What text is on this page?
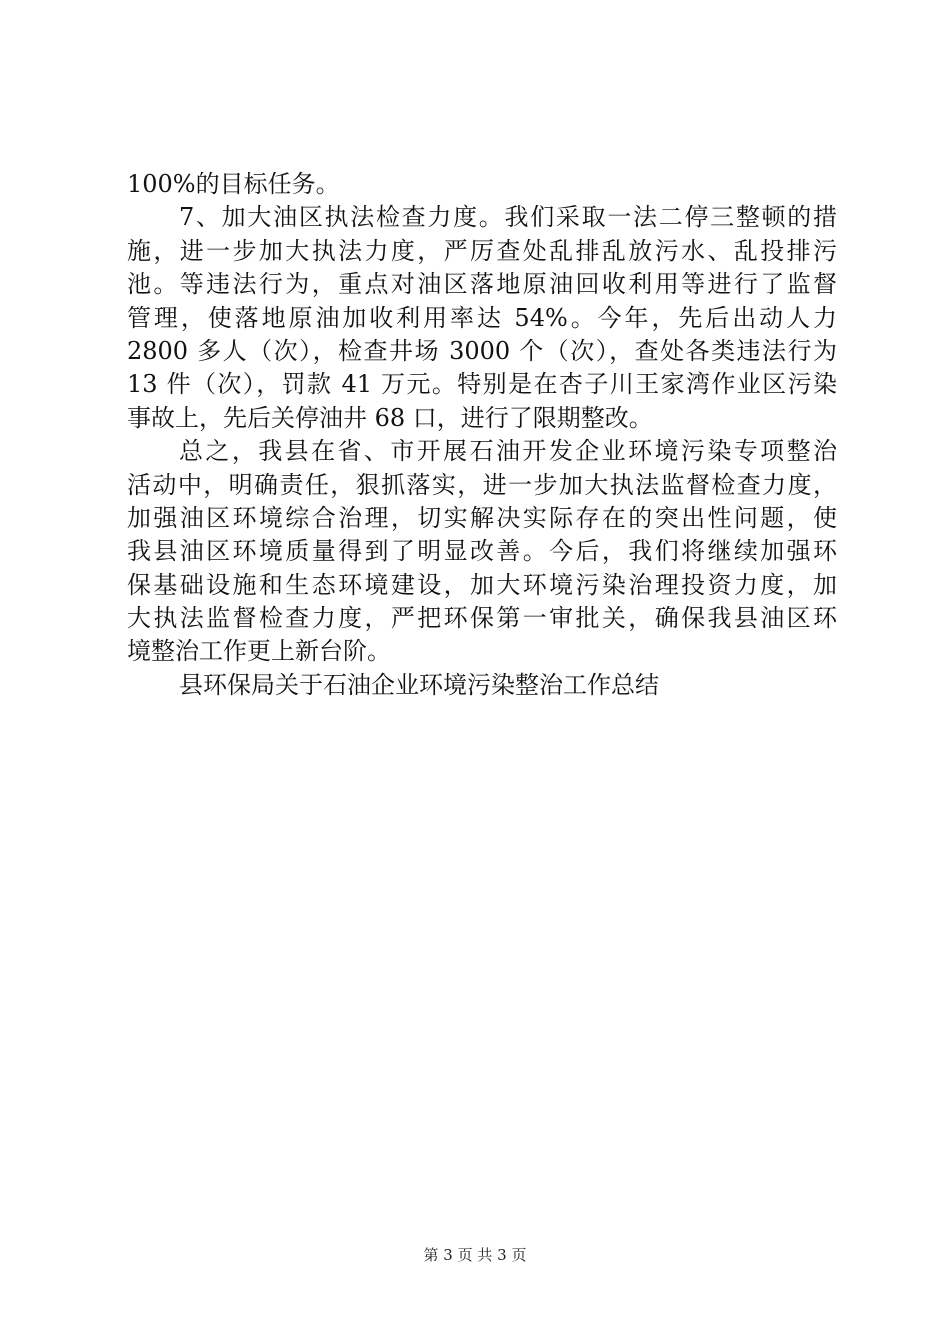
100%的目标任务。
7、加大油区执法检查力度。我们采取一法二停三整顿的措
施，进一步加大执法力度，严厉查处乱排乱放污水、乱投排污
池。等违法行为，重点对油区落地原油回收利用等进行了监督
管理，使落地原油加收利用率达 54%。今年，先后出动人力
2800 多人（次），检查井场 3000 个（次），查处各类违法行为
13 件（次），罚款 41 万元。特别是在杏子川王家湾作业区污染
事故上，先后关停油井 68 口，进行了限期整改。
总之，我县在省、市开展石油开发企业环境污染专项整治
活动中，明确责任，狠抓落实，进一步加大执法监督检查力度，
加强油区环境综合治理，切实解决实际存在的突出性问题，使
我县油区环境质量得到了明显改善。今后，我们将继续加强环
保基础设施和生态环境建设，加大环境污染治理投资力度，加
大执法监督检查力度，严把环保第一审批关，确保我县油区环
境整治工作更上新台阶。
县环保局关于石油企业环境污染整治工作总结
第 3 页 共 3 页
